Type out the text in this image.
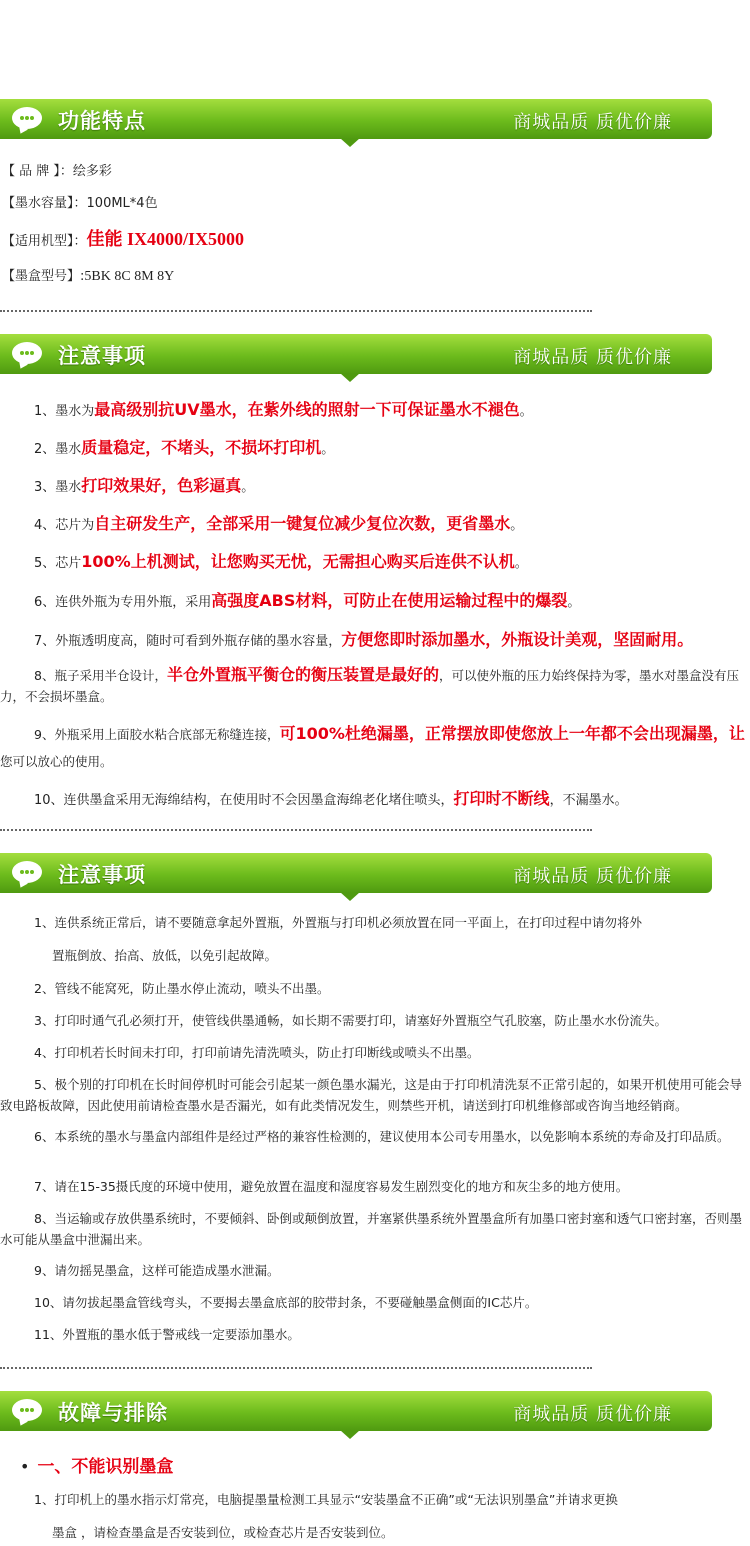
功能特点	商城品质 质优价廉
【 品 牌 】：绘多彩
【墨水容量】：100ML*4色
【适用机型】：佳能 IX4000/IX5000
【墨盒型号】:5BK 8C 8M 8Y
注意事项	商城品质 质优价廉
1、墨水为最高级别抗UV墨水，在紫外线的照射一下可保证墨水不褪色。
2、墨水质量稳定，不堵头，不损坏打印机。
3、墨水打印效果好，色彩逼真。
4、芯片为自主研发生产，全部采用一键复位减少复位次数，更省墨水。
5、芯片100%上机测试，让您购买无忧，无需担心购买后连供不认机。
6、连供外瓶为专用外瓶，采用高强度ABS材料，可防止在使用运输过程中的爆裂。
7、外瓶透明度高，随时可看到外瓶存储的墨水容量，方便您即时添加墨水，外瓶设计美观，坚固耐用。
8、瓶子采用半仓设计，半仓外置瓶平衡仓的衡压装置是最好的，可以使外瓶的压力始终保持为零，墨水对墨盒没有压力，不会损坏墨盒。
9、外瓶采用上面胶水粘合底部无称缝连接，可100%杜绝漏墨，正常摆放即使您放上一年都不会出现漏墨，让您可以放心的使用。
10、连供墨盒采用无海绵结构，在使用时不会因墨盒海绵老化堵住喷头，打印时不断线，不漏墨水。
注意事项	商城品质 质优价廉
1、连供系统正常后，请不要随意拿起外置瓶，外置瓶与打印机必须放置在同一平面上，在打印过程中请勿将外
置瓶倒放、抬高、放低，以免引起故障。
2、管线不能窝死，防止墨水停止流动，喷头不出墨。
3、打印时通气孔必须打开，使管线供墨通畅，如长期不需要打印，请塞好外置瓶空气孔胶塞，防止墨水水份流失。
4、打印机若长时间未打印，打印前请先清洗喷头，防止打印断线或喷头不出墨。
5、极个别的打印机在长时间停机时可能会引起某一颜色墨水漏光，这是由于打印机清洗泵不正常引起的，如果开机使用可能会导致电路板故障，因此使用前请检查墨水是否漏光，如有此类情况发生，则禁些开机，请送到打印机维修部或咨询当地经销商。
6、本系统的墨水与墨盒内部组件是经过严格的兼容性检测的，建议使用本公司专用墨水，以免影响本系统的寿命及打印品质。
7、请在15-35摄氏度的环境中使用，避免放置在温度和湿度容易发生剧烈变化的地方和灰尘多的地方使用。
8、当运输或存放供墨系统时，不要倾斜、卧倒或颠倒放置，并塞紧供墨系统外置墨盒所有加墨口密封塞和透气口密封塞，否则墨水可能从墨盒中泄漏出来。
9、请勿摇晃墨盒，这样可能造成墨水泄漏。
10、请勿拔起墨盒管线弯头，不要揭去墨盒底部的胶带封条，不要碰触墨盒侧面的IC芯片。
11、外置瓶的墨水低于警戒线一定要添加墨水。
故障与排除	商城品质 质优价廉
• 一、不能识别墨盒
1、打印机上的墨水指示灯常亮，电脑提墨量检测工具显示“安装墨盒不正确”或“无法识别墨盒”并请求更换
墨盒 ，请检查墨盒是否安装到位，或检查芯片是否安装到位。
